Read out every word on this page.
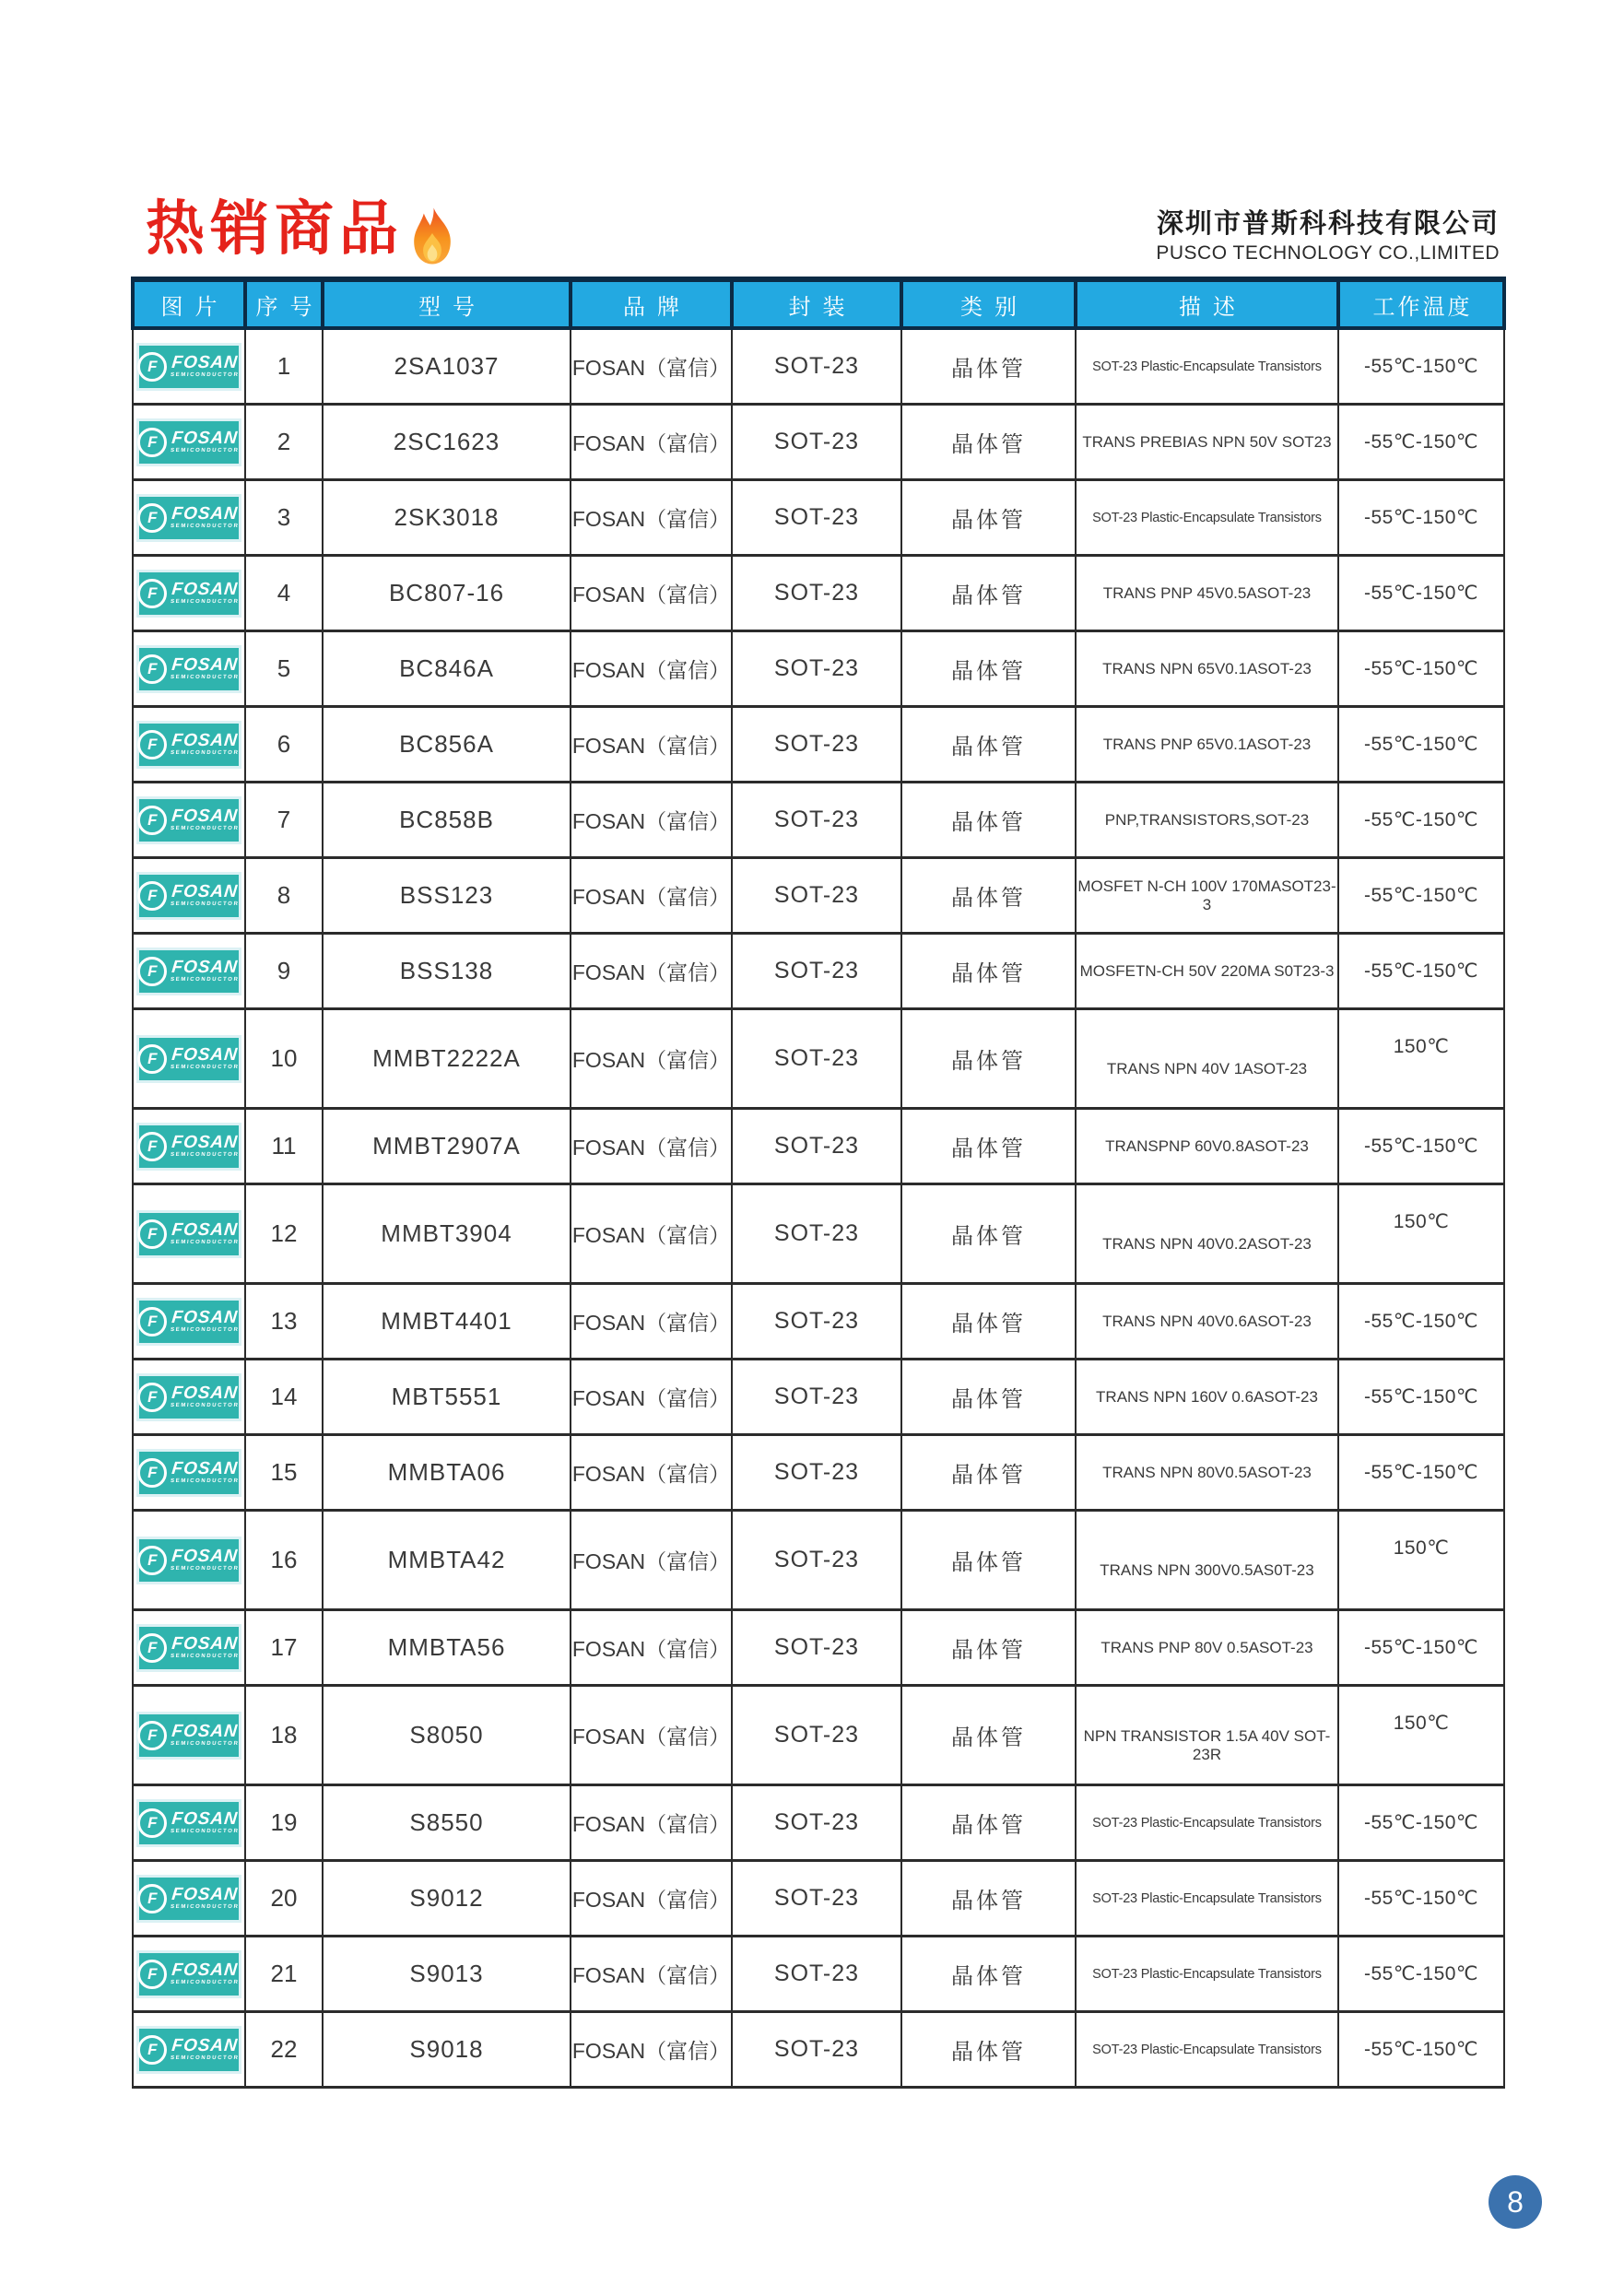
热销商品	深圳市普斯科科技有限公司
PUSCO TECHNOLOGY CO.,LIMITED
图片	序号	型号	品牌	封装	类别	描述	工作温度

F FOSAN
SEMICONDUCTOR	1	2SA1037	FOSAN（富信）	SOT-23	晶体管	SOT-23 Plastic-Encapsulate Transistors	-55℃-150℃

F FOSAN
SEMICONDUCTOR	2	2SC1623	FOSAN（富信）	SOT-23	晶体管	TRANS PREBIAS NPN 50V SOT23	-55℃-150℃

F FOSAN
SEMICONDUCTOR	3	2SK3018	FOSAN（富信）	SOT-23	晶体管	SOT-23 Plastic-Encapsulate Transistors	-55℃-150℃

F FOSAN
SEMICONDUCTOR	4	BC807-16	FOSAN（富信）	SOT-23	晶体管	TRANS PNP 45V0.5ASOT-23	-55℃-150℃

F FOSAN
SEMICONDUCTOR	5	BC846A	FOSAN（富信）	SOT-23	晶体管	TRANS NPN 65V0.1ASOT-23	-55℃-150℃

F FOSAN
SEMICONDUCTOR	6	BC856A	FOSAN（富信）	SOT-23	晶体管	TRANS PNP 65V0.1ASOT-23	-55℃-150℃

F FOSAN
SEMICONDUCTOR	7	BC858B	FOSAN（富信）	SOT-23	晶体管	PNP,TRANSISTORS,SOT-23	-55℃-150℃

F FOSAN
SEMICONDUCTOR	8	BSS123	FOSAN（富信）	SOT-23	晶体管	MOSFET N-CH 100V 170MASOT23-3	-55℃-150℃

F FOSAN
SEMICONDUCTOR	9	BSS138	FOSAN（富信）	SOT-23	晶体管	MOSFETN-CH 50V 220MA S0T23-3	-55℃-150℃

F FOSAN
SEMICONDUCTOR	10	MMBT2222A	FOSAN（富信）	SOT-23	晶体管	TRANS NPN 40V 1ASOT-23	150℃

F FOSAN
SEMICONDUCTOR	11	MMBT2907A	FOSAN（富信）	SOT-23	晶体管	TRANSPNP 60V0.8ASOT-23	-55℃-150℃

F FOSAN
SEMICONDUCTOR	12	MMBT3904	FOSAN（富信）	SOT-23	晶体管	TRANS NPN 40V0.2ASOT-23	150℃

F FOSAN
SEMICONDUCTOR	13	MMBT4401	FOSAN（富信）	SOT-23	晶体管	TRANS NPN 40V0.6ASOT-23	-55℃-150℃

F FOSAN
SEMICONDUCTOR	14	MBT5551	FOSAN（富信）	SOT-23	晶体管	TRANS NPN 160V 0.6ASOT-23	-55℃-150℃

F FOSAN
SEMICONDUCTOR	15	MMBTA06	FOSAN（富信）	SOT-23	晶体管	TRANS NPN 80V0.5ASOT-23	-55℃-150℃

F FOSAN
SEMICONDUCTOR	16	MMBTA42	FOSAN（富信）	SOT-23	晶体管	TRANS NPN 300V0.5AS0T-23	150℃

F FOSAN
SEMICONDUCTOR	17	MMBTA56	FOSAN（富信）	SOT-23	晶体管	TRANS PNP 80V 0.5ASOT-23	-55℃-150℃

F FOSAN
SEMICONDUCTOR	18	S8050	FOSAN（富信）	SOT-23	晶体管	NPN TRANSISTOR 1.5A 40V SOT-23R	150℃

F FOSAN
SEMICONDUCTOR	19	S8550	FOSAN（富信）	SOT-23	晶体管	SOT-23 Plastic-Encapsulate Transistors	-55℃-150℃

F FOSAN
SEMICONDUCTOR	20	S9012	FOSAN（富信）	SOT-23	晶体管	SOT-23 Plastic-Encapsulate Transistors	-55℃-150℃

F FOSAN
SEMICONDUCTOR	21	S9013	FOSAN（富信）	SOT-23	晶体管	SOT-23 Plastic-Encapsulate Transistors	-55℃-150℃

F FOSAN
SEMICONDUCTOR	22	S9018	FOSAN（富信）	SOT-23	晶体管	SOT-23 Plastic-Encapsulate Transistors	-55℃-150℃
8
